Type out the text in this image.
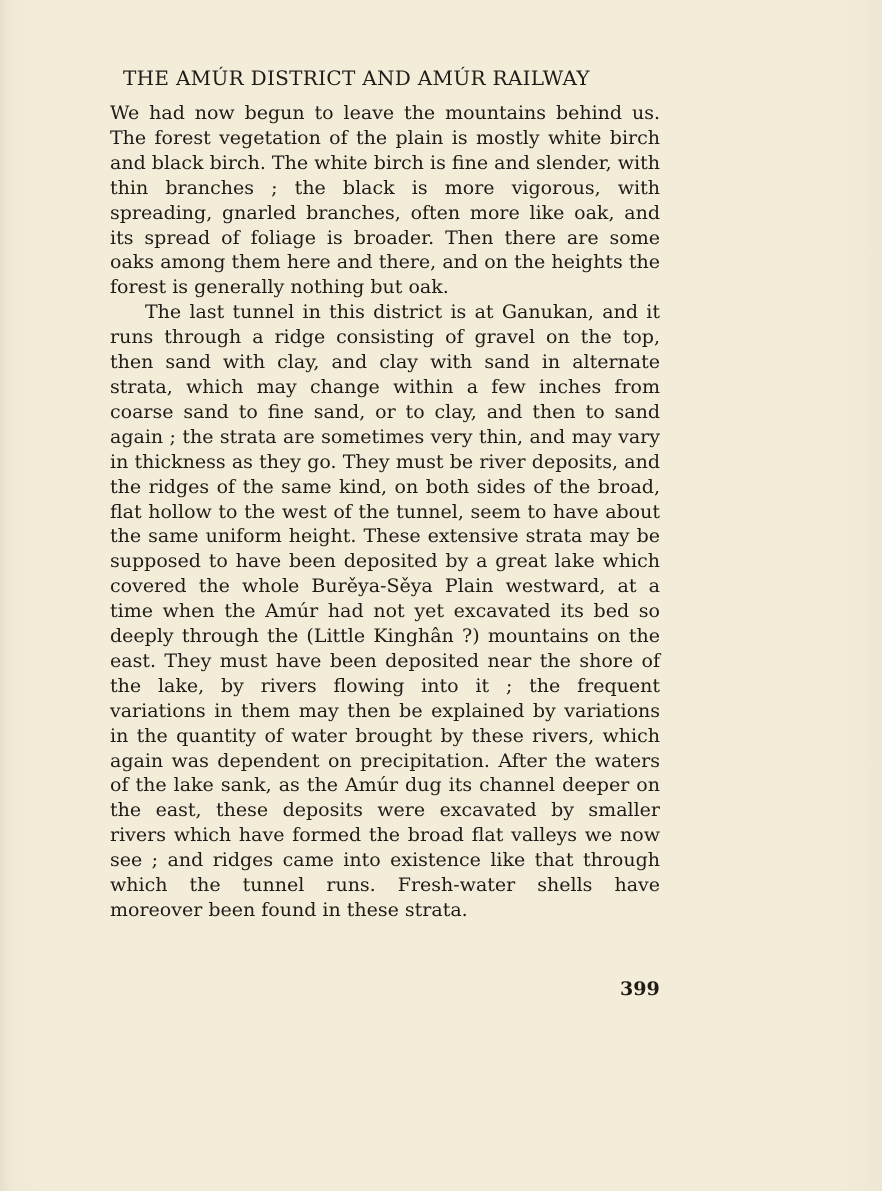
THE AMÚR DISTRICT AND AMÚR RAILWAY

We had now begun to leave the mountains behind us. The forest vegetation of the plain is mostly white birch and black birch. The white birch is fine and slender, with thin branches ; the black is more vigorous, with spreading, gnarled branches, often more like oak, and its spread of foliage is broader. Then there are some oaks among them here and there, and on the heights the forest is generally nothing but oak.

The last tunnel in this district is at Ganukan, and it runs through a ridge consisting of gravel on the top, then sand with clay, and clay with sand in alternate strata, which may change within a few inches from coarse sand to fine sand, or to clay, and then to sand again ; the strata are sometimes very thin, and may vary in thickness as they go. They must be river deposits, and the ridges of the same kind, on both sides of the broad, flat hollow to the west of the tunnel, seem to have about the same uniform height. These extensive strata may be supposed to have been deposited by a great lake which covered the whole Burěya-Sěya Plain westward, at a time when the Amúr had not yet excavated its bed so deeply through the (Little Kinghân ?) mountains on the east. They must have been deposited near the shore of the lake, by rivers flowing into it ; the frequent variations in them may then be explained by variations in the quantity of water brought by these rivers, which again was dependent on precipitation. After the waters of the lake sank, as the Amúr dug its channel deeper on the east, these deposits were excavated by smaller rivers which have formed the broad flat valleys we now see ; and ridges came into existence like that through which the tunnel runs. Fresh-water shells have moreover been found in these strata.

399
